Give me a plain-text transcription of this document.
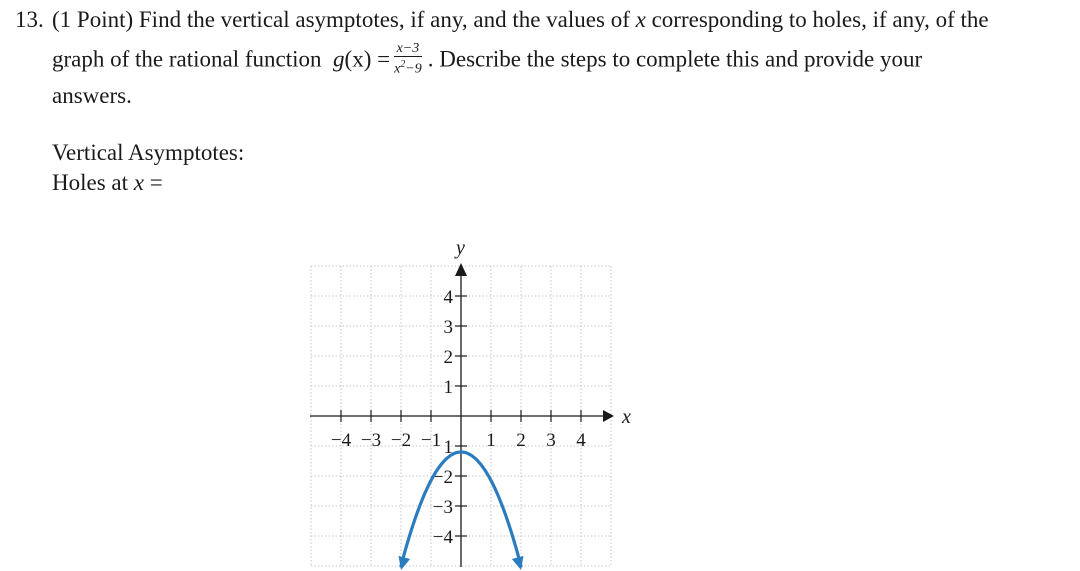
13. (1 Point) Find the vertical asymptotes, if any, and the values of x corresponding to holes, if any, of the
graph of the rational function $g(x) = \frac{x-3}{x^2-9}$ . Describe the steps to complete this and provide your
answers.
Vertical Asymptotes:
Holes at x =
−4 −3 −2 −1 1 2 3 4
4
3
2
1
1
−2
−3
−4
x
y
